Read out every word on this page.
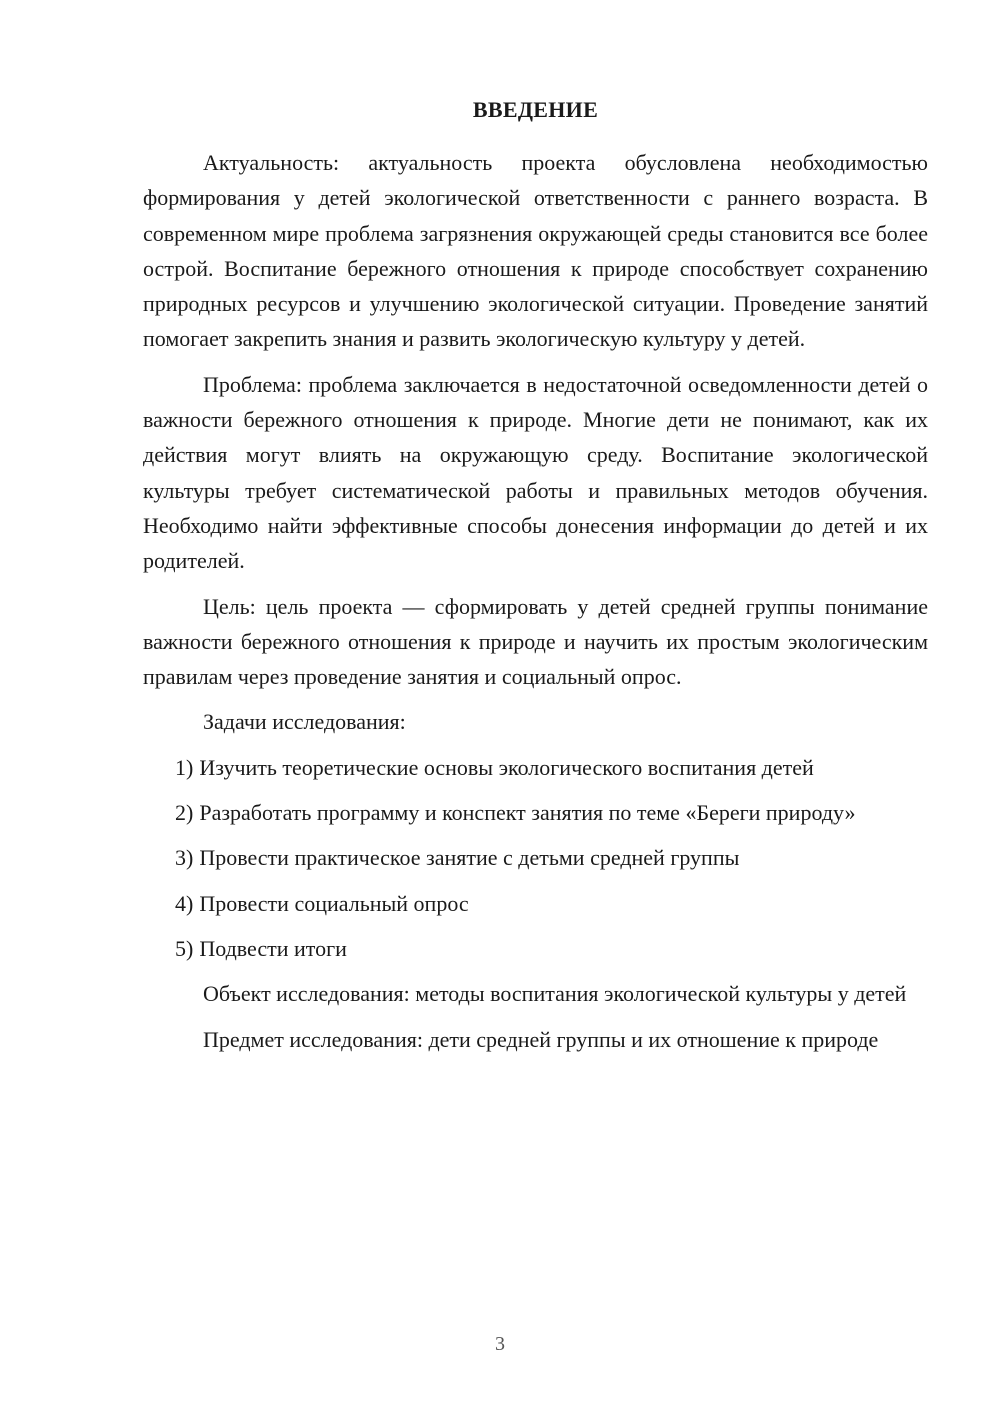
ВВЕДЕНИЕ

Актуальность: актуальность проекта обусловлена необходимостью формирования у детей экологической ответственности с раннего возраста. В современном мире проблема загрязнения окружающей среды становится все более острой. Воспитание бережного отношения к природе способствует сохранению природных ресурсов и улучшению экологической ситуации. Проведение занятий помогает закрепить знания и развить экологическую культуру у детей.

Проблема: проблема заключается в недостаточной осведомленности детей о важности бережного отношения к природе. Многие дети не понимают, как их действия могут влиять на окружающую среду. Воспитание экологической культуры требует систематической работы и правильных методов обучения. Необходимо найти эффективные способы донесения информации до детей и их родителей.

Цель: цель проекта — сформировать у детей средней группы понимание важности бережного отношения к природе и научить их простым экологическим правилам через проведение занятия и социальный опрос.

Задачи исследования:

1) Изучить теоретические основы экологического воспитания детей

2) Разработать программу и конспект занятия по теме «Береги природу»

3) Провести практическое занятие с детьми средней группы

4) Провести социальный опрос

5) Подвести итоги

Объект исследования: методы воспитания экологической культуры у детей

Предмет исследования: дети средней группы и их отношение к природе

3
